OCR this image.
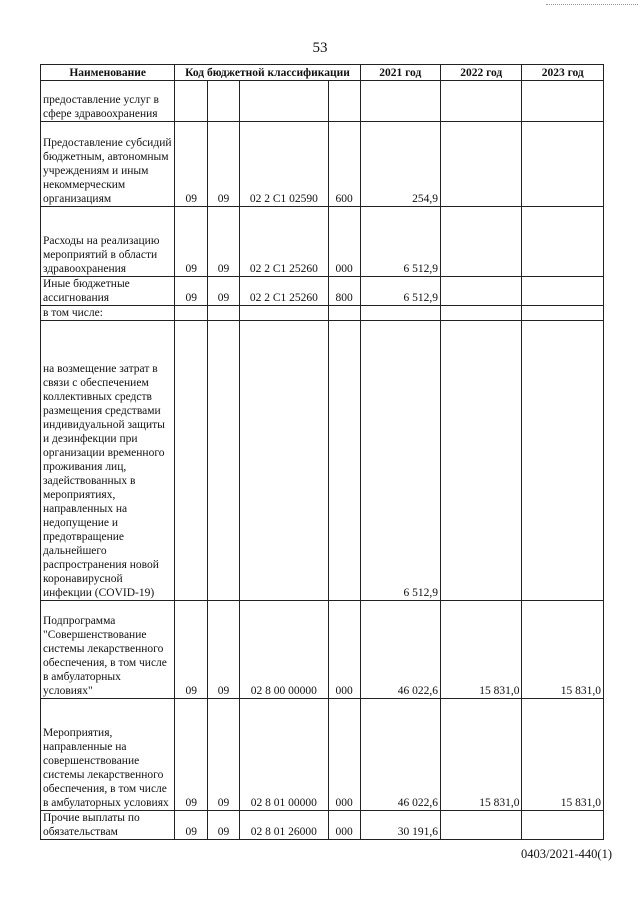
53
Наименование	Код бюджетной классификации				2021 год	2022 год	2023 год
предоставление услуг в сфере здравоохранения							
Предоставление субсидий бюджетным, автономным учреждениям и иным некоммерческим организациям	09	09	02 2 С1 02590	600	254,9		
Расходы на реализацию мероприятий в области здравоохранения	09	09	02 2 С1 25260	000	6 512,9		
Иные бюджетные ассигнования	09	09	02 2 С1 25260	800	6 512,9		
в том числе:							
на возмещение затрат в связи с обеспечением коллективных средств размещения средствами индивидуальной защиты и дезинфекции при организации временного проживания лиц, задействованных в мероприятиях, направленных на недопущение и предотвращение дальнейшего распространения новой коронавирусной инфекции (COVID-19)					6 512,9		
Подпрограмма "Совершенствование системы лекарственного обеспечения, в том числе в амбулаторных условиях"	09	09	02 8 00 00000	000	46 022,6	15 831,0	15 831,0
Мероприятия, направленные на совершенствование системы лекарственного обеспечения, в том числе в амбулаторных условиях	09	09	02 8 01 00000	000	46 022,6	15 831,0	15 831,0
Прочие выплаты по обязательствам	09	09	02 8 01 26000	000	30 191,6		
0403/2021-440(1)
